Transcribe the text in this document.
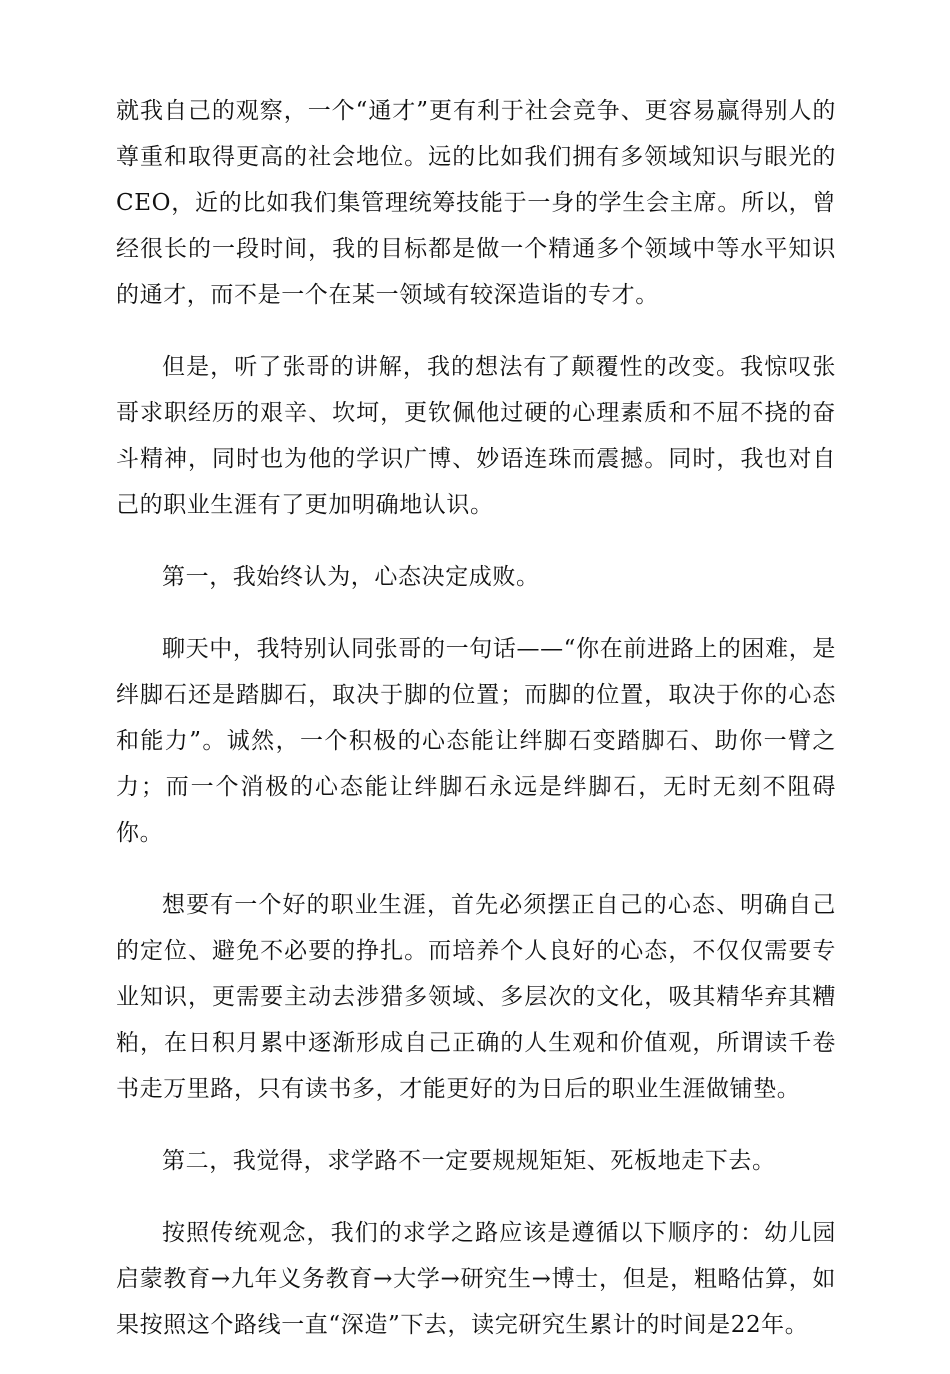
就我自己的观察，一个“通才”更有利于社会竞争、更容易赢得别人的尊重和取得更高的社会地位。远的比如我们拥有多领域知识与眼光的CEO，近的比如我们集管理统筹技能于一身的学生会主席。所以，曾经很长的一段时间，我的目标都是做一个精通多个领域中等水平知识的通才，而不是一个在某一领域有较深造诣的专才。

但是，听了张哥的讲解，我的想法有了颠覆性的改变。我惊叹张哥求职经历的艰辛、坎坷，更钦佩他过硬的心理素质和不屈不挠的奋斗精神，同时也为他的学识广博、妙语连珠而震撼。同时，我也对自己的职业生涯有了更加明确地认识。

第一，我始终认为，心态决定成败。

聊天中，我特别认同张哥的一句话——“你在前进路上的困难，是绊脚石还是踏脚石，取决于脚的位置；而脚的位置，取决于你的心态和能力”。诚然，一个积极的心态能让绊脚石变踏脚石、助你一臂之力；而一个消极的心态能让绊脚石永远是绊脚石，无时无刻不阻碍你。

想要有一个好的职业生涯，首先必须摆正自己的心态、明确自己的定位、避免不必要的挣扎。而培养个人良好的心态，不仅仅需要专业知识，更需要主动去涉猎多领域、多层次的文化，吸其精华弃其糟粕，在日积月累中逐渐形成自己正确的人生观和价值观，所谓读千卷书走万里路，只有读书多，才能更好的为日后的职业生涯做铺垫。

第二，我觉得，求学路不一定要规规矩矩、死板地走下去。

按照传统观念，我们的求学之路应该是遵循以下顺序的：幼儿园启蒙教育→九年义务教育→大学→研究生→博士，但是，粗略估算，如果按照这个路线一直“深造”下去，读完研究生累计的时间是22年。
